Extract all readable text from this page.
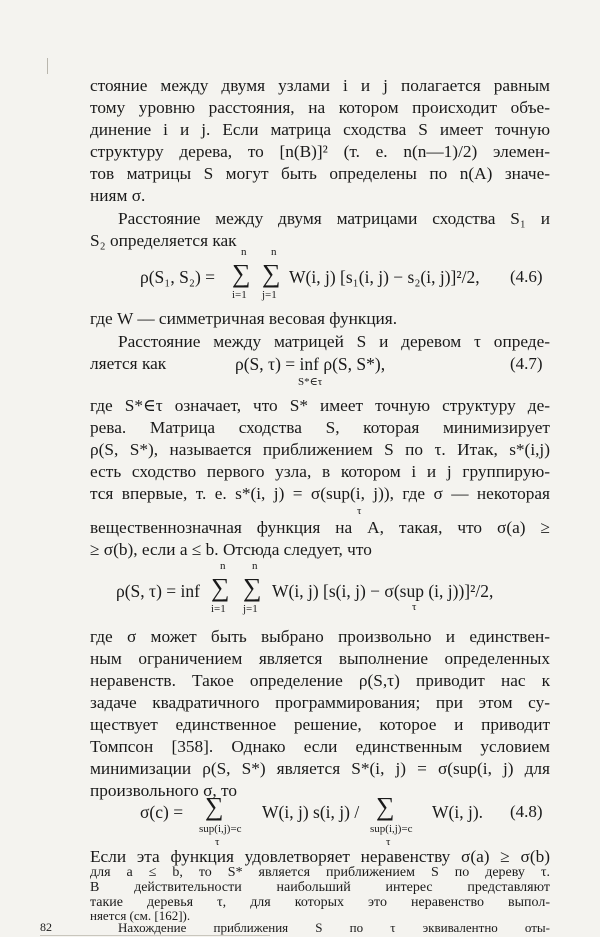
стояние между двумя узлами i и j полагается равным
тому уровню расстояния, на котором происходит объе-
динение i и j. Если матрица сходства S имеет точную
структуру дерева, то [n(B)]² (т. е. n(n—1)/2) элемен-
тов матрицы S могут быть определены по n(A) значе-
ниям σ.
Расстояние между двумя матрицами сходства S₁ и
S₂ определяется как
ρ(S₁, S₂) =
n
∑
i=1
n
∑
j=1
W(i, j) [s₁(i, j) − s₂(i, j)]²/2, (4.6)
где W — симметричная весовая функция.
Расстояние между матрицей S и деревом τ опреде-
ляется как	ρ(S, τ) = inf ρ(S, S*),
S*∈τ
(4.7)
где S*∈τ означает, что S* имеет точную структуру де-
рева. Матрица сходства S, которая минимизирует
ρ(S, S*), называется приближением S по τ. Итак, s*(i,j)
есть сходство первого узла, в котором i и j группирую-
тся впервые, т. е. s*(i, j) = σ(sup(i, j)), где σ — некоторая
τ
вещественнозначная функция на A, такая, что σ(a) ≥
≥ σ(b), если a ≤ b. Отсюда следует, что
ρ(S, τ) = inf
n
∑
i=1
n
∑
j=1
W(i, j) [s(i, j) − σ(sup (i, j))]²/2,
τ
где σ может быть выбрано произвольно и единствен-
ным ограничением является выполнение определенных
неравенств. Такое определение ρ(S,τ) приводит нас к
задаче квадратичного программирования; при этом су-
ществует единственное решение, которое и приводит
Томпсон [358]. Однако если единственным условием
минимизации ρ(S, S*) является S*(i, j) = σ(sup(i, j) для
произвольного σ, то
σ(c) = ∑
sup(i,j)=c
τ
W(i, j) s(i, j) / ∑
sup(i,j)=c
τ
W(i, j). (4.8)
Если эта функция удовлетворяет неравенству σ(a) ≥ σ(b)
для a ≤ b, то S* является приближением S по дереву τ.
В действительности наибольший интерес представляют
такие деревья τ, для которых это неравенство выпол-
няется (см. [162]).
Нахождение приближения S по τ эквивалентно оты-
82
